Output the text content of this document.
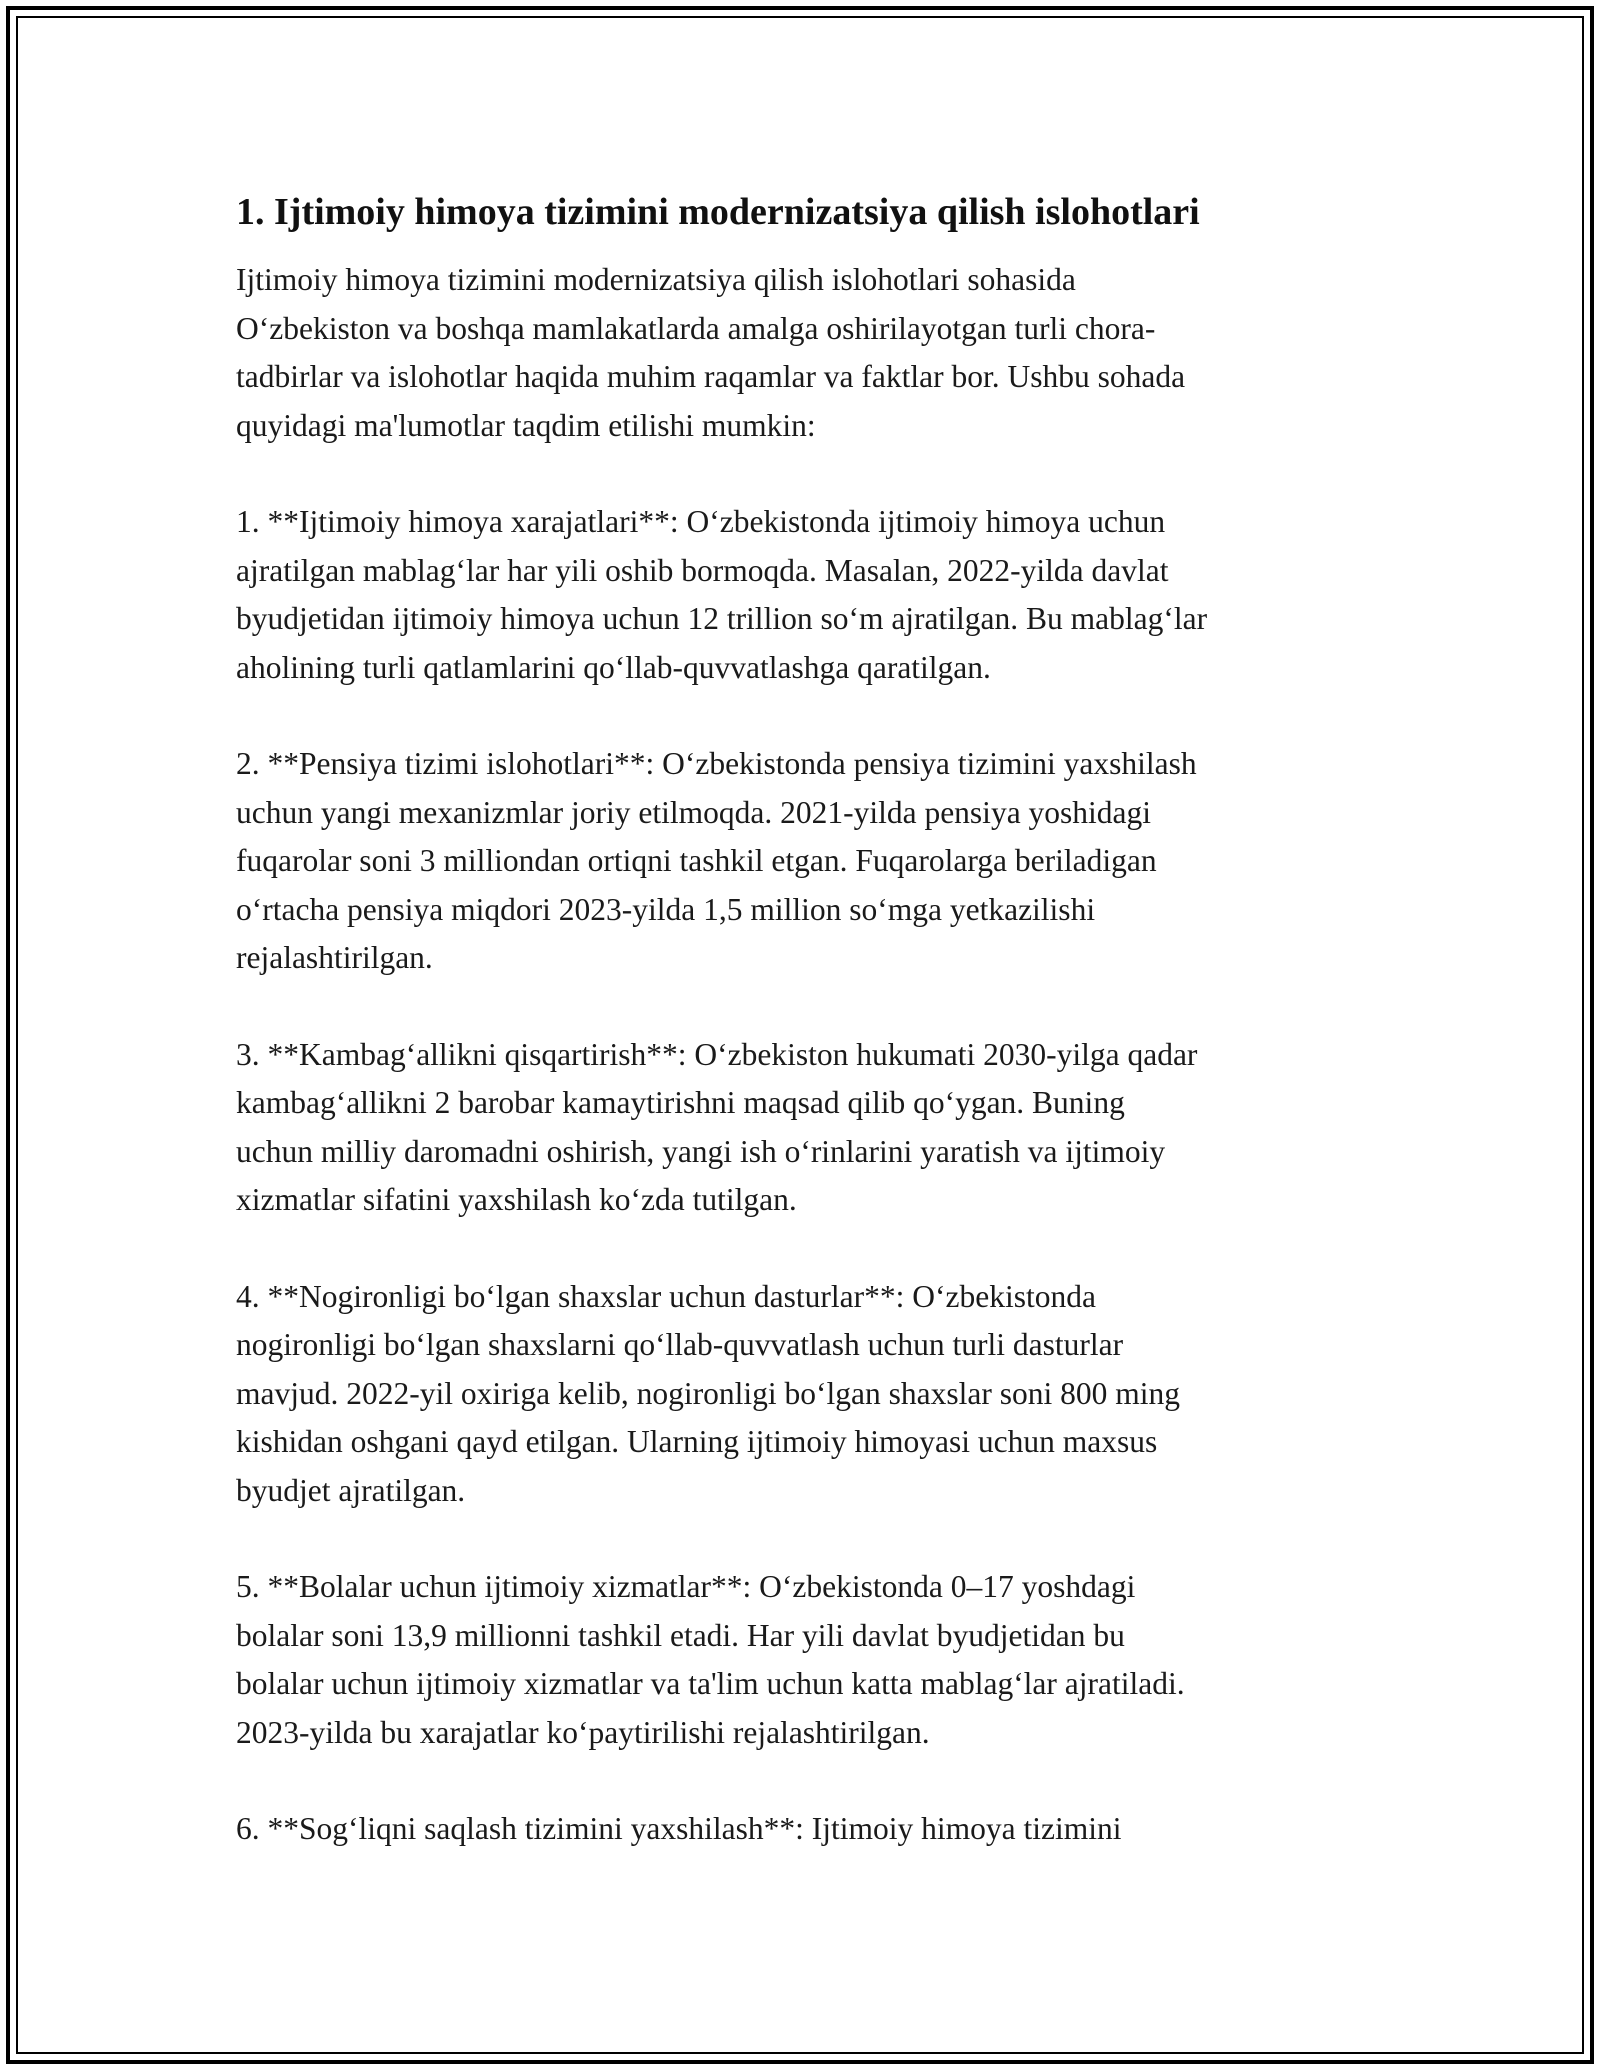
1. Ijtimoiy himoya tizimini modernizatsiya qilish islohotlari

Ijtimoiy himoya tizimini modernizatsiya qilish islohotlari sohasida
O‘zbekiston va boshqa mamlakatlarda amalga oshirilayotgan turli chora-
tadbirlar va islohotlar haqida muhim raqamlar va faktlar bor. Ushbu sohada
quyidagi ma'lumotlar taqdim etilishi mumkin:

1. **Ijtimoiy himoya xarajatlari**: O‘zbekistonda ijtimoiy himoya uchun
ajratilgan mablag‘lar har yili oshib bormoqda. Masalan, 2022-yilda davlat
byudjetidan ijtimoiy himoya uchun 12 trillion so‘m ajratilgan. Bu mablag‘lar
aholining turli qatlamlarini qo‘llab-quvvatlashga qaratilgan.

2. **Pensiya tizimi islohotlari**: O‘zbekistonda pensiya tizimini yaxshilash
uchun yangi mexanizmlar joriy etilmoqda. 2021-yilda pensiya yoshidagi
fuqarolar soni 3 milliondan ortiqni tashkil etgan. Fuqarolarga beriladigan
o‘rtacha pensiya miqdori 2023-yilda 1,5 million so‘mga yetkazilishi
rejalashtirilgan.

3. **Kambag‘allikni qisqartirish**: O‘zbekiston hukumati 2030-yilga qadar
kambag‘allikni 2 barobar kamaytirishni maqsad qilib qo‘ygan. Buning
uchun milliy daromadni oshirish, yangi ish o‘rinlarini yaratish va ijtimoiy
xizmatlar sifatini yaxshilash ko‘zda tutilgan.

4. **Nogironligi bo‘lgan shaxslar uchun dasturlar**: O‘zbekistonda
nogironligi bo‘lgan shaxslarni qo‘llab-quvvatlash uchun turli dasturlar
mavjud. 2022-yil oxiriga kelib, nogironligi bo‘lgan shaxslar soni 800 ming
kishidan oshgani qayd etilgan. Ularning ijtimoiy himoyasi uchun maxsus
byudjet ajratilgan.

5. **Bolalar uchun ijtimoiy xizmatlar**: O‘zbekistonda 0–17 yoshdagi
bolalar soni 13,9 millionni tashkil etadi. Har yili davlat byudjetidan bu
bolalar uchun ijtimoiy xizmatlar va ta'lim uchun katta mablag‘lar ajratiladi.
2023-yilda bu xarajatlar ko‘paytirilishi rejalashtirilgan.

6. **Sog‘liqni saqlash tizimini yaxshilash**: Ijtimoiy himoya tizimini
